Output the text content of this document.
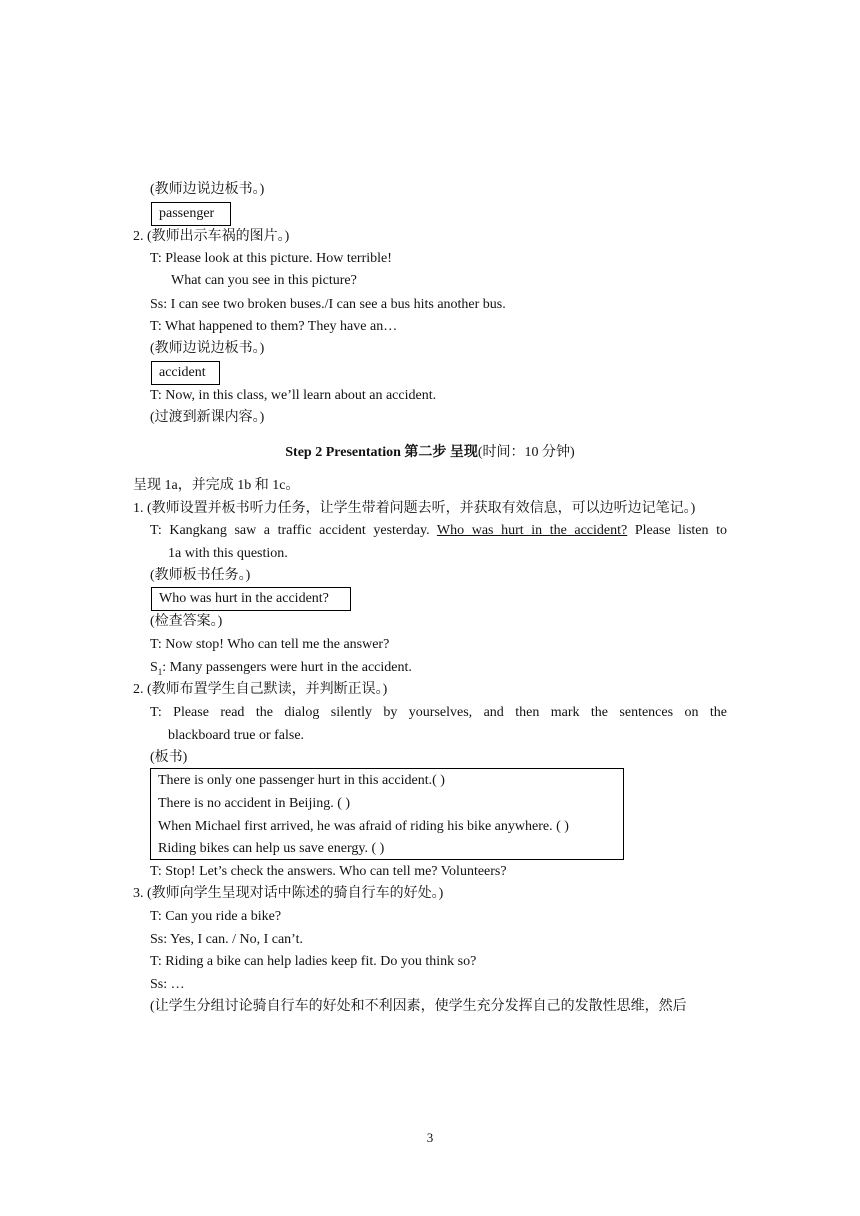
(教师边说边板书。)
passenger
2. (教师出示车祸的图片。)
T: Please look at this picture. How terrible!
What can you see in this picture?
Ss: I can see two broken buses./I can see a bus hits another bus.
T: What happened to them? They have an…
(教师边说边板书。)
accident
T: Now, in this class, we’ll learn about an accident.
(过渡到新课内容。)
Step 2 Presentation 第二步 呈现(时间：10 分钟)
呈现 1a，并完成 1b 和 1c。
1. (教师设置并板书听力任务，让学生带着问题去听，并获取有效信息，可以边听边记笔记。)
T: Kangkang saw a traffic accident yesterday. Who was hurt in the accident? Please listen to
1a with this question.
(教师板书任务。)
Who was hurt in the accident?
(检查答案。)
T: Now stop! Who can tell me the answer?
$S_1$: Many passengers were hurt in the accident.
2. (教师布置学生自己默读，并判断正误。)
T: Please read the dialog silently by yourselves, and then mark the sentences on the
blackboard true or false.
(板书)
There is only one passenger hurt in this accident.( )
There is no accident in Beijing. ( )
When Michael first arrived, he was afraid of riding his bike anywhere. ( )
Riding bikes can help us save energy. ( )
T: Stop! Let’s check the answers. Who can tell me? Volunteers?
3. (教师向学生呈现对话中陈述的骑自行车的好处。)
T: Can you ride a bike?
Ss: Yes, I can. / No, I can’t.
T: Riding a bike can help ladies keep fit. Do you think so?
Ss: …
(让学生分组讨论骑自行车的好处和不利因素，使学生充分发挥自己的发散性思维，然后
3
